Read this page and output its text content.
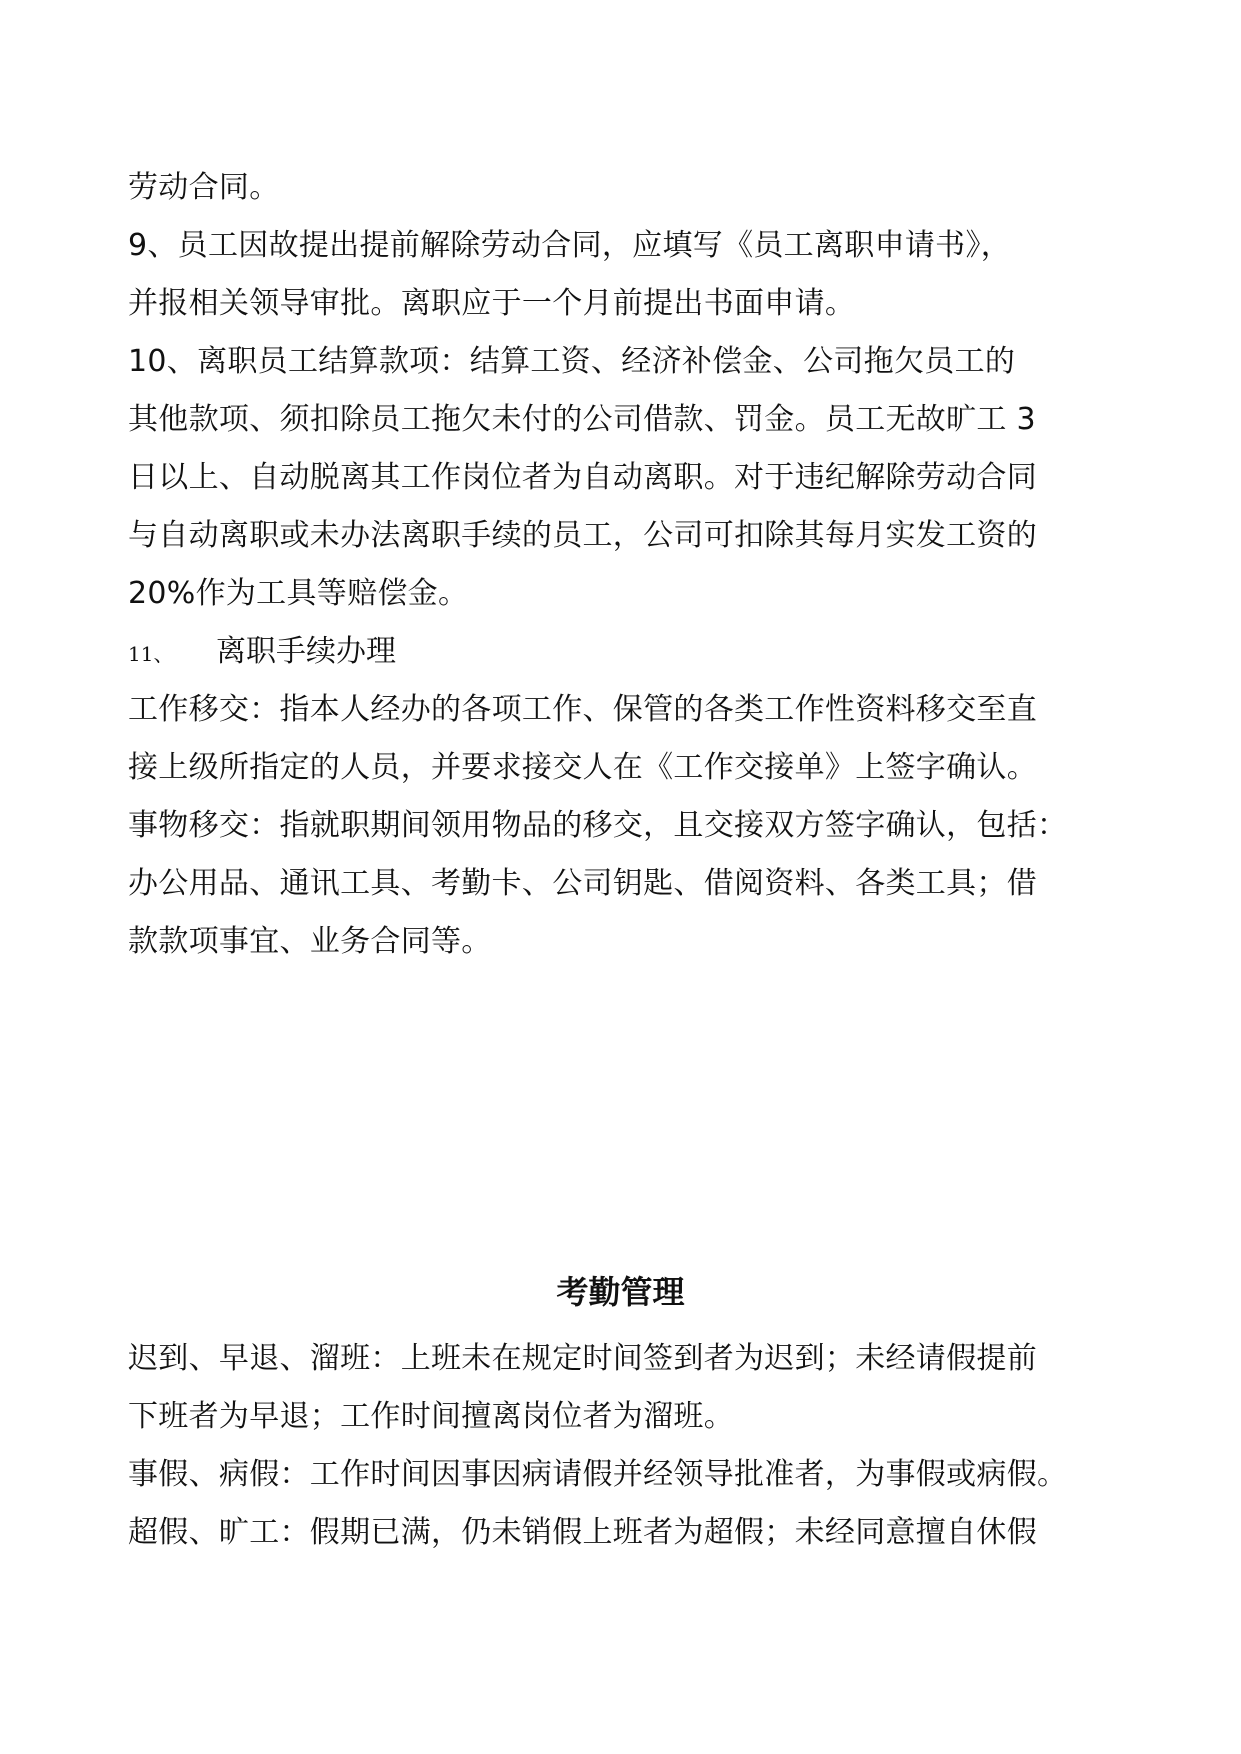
劳动合同。
9、员工因故提出提前解除劳动合同，应填写《员工离职申请书》，
并报相关领导审批。离职应于一个月前提出书面申请。
10、离职员工结算款项：结算工资、经济补偿金、公司拖欠员工的
其他款项、须扣除员工拖欠未付的公司借款、罚金。员工无故旷工 3
日以上、自动脱离其工作岗位者为自动离职。对于违纪解除劳动合同
与自动离职或未办法离职手续的员工，公司可扣除其每月实发工资的
20%作为工具等赔偿金。
11、 离职手续办理
工作移交：指本人经办的各项工作、保管的各类工作性资料移交至直
接上级所指定的人员，并要求接交人在《工作交接单》上签字确认。
事物移交：指就职期间领用物品的移交，且交接双方签字确认，包括：
办公用品、通讯工具、考勤卡、公司钥匙、借阅资料、各类工具；借
款款项事宜、业务合同等。
考勤管理
迟到、早退、溜班：上班未在规定时间签到者为迟到；未经请假提前
下班者为早退；工作时间擅离岗位者为溜班。
事假、病假：工作时间因事因病请假并经领导批准者，为事假或病假。
超假、旷工：假期已满，仍未销假上班者为超假；未经同意擅自休假
